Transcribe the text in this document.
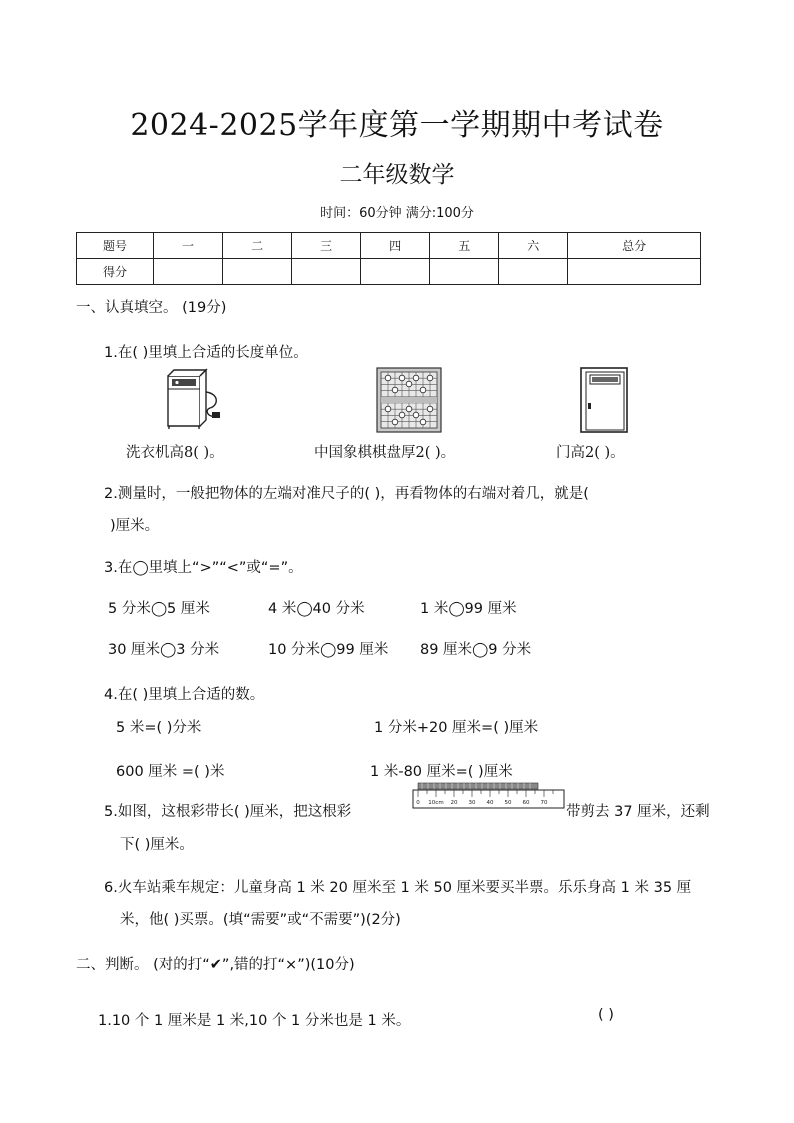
2024-2025学年度第一学期期中考试卷
二年级数学
时间：60分钟 满分:100分
题号	一	二	三	四	五	六	总分
得分							
一、认真填空。 (19分)
1.在( )里填上合适的长度单位。
洗衣机高8( )。	中国象棋棋盘厚2( )。	门高2( )。
2.测量时，一般把物体的左端对准尺子的( )，再看物体的右端对着几，就是(
)厘米。
3.在◯里填上“>”“<”或“=”。
5 分米◯5 厘米	4 米◯40 分米	1 米◯99 厘米
30 厘米◯3 分米	10 分米◯99 厘米 89 厘米◯9 分米
4.在( )里填上合适的数。
5 米=( )分米	1 分米+20 厘米=( )厘米
600 厘米 =( )米	1 米-80 厘米=( )厘米
0 10cm 20 30 40 50 60 70
5.如图，这根彩带长( )厘米，把这根彩	带剪去 37 厘米，还剩
下( )厘米。
6.火车站乘车规定：儿童身高 1 米 20 厘米至 1 米 50 厘米要买半票。乐乐身高 1 米 35 厘
米，他( )买票。(填“需要”或“不需要”)(2分)
二、判断。 (对的打“✔”,错的打“×”)(10分)
1.10 个 1 厘米是 1 米,10 个 1 分米也是 1 米。	( )
